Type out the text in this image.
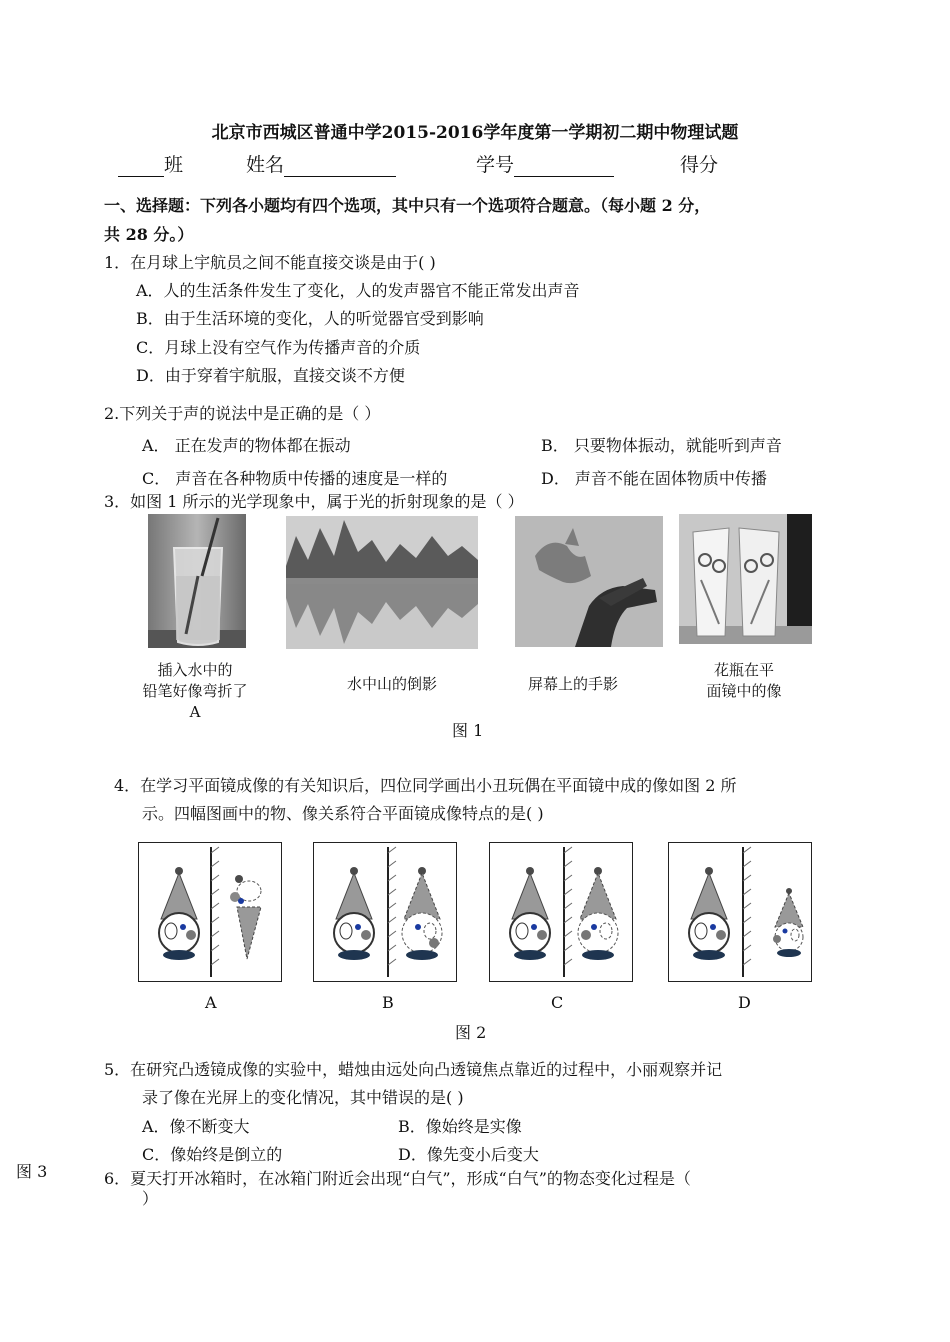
北京市西城区普通中学2015-2016学年度第一学期初二期中物理试题
班	姓名	学号	得分
一、选择题：下列各小题均有四个选项，其中只有一个选项符合题意。（每小题 2 分，
共 28 分。）
1．在月球上宇航员之间不能直接交谈是由于( )
A．人的生活条件发生了变化，人的发声器官不能正常发出声音
B．由于生活环境的变化，人的听觉器官受到影响
C．月球上没有空气作为传播声音的介质
D．由于穿着宇航服，直接交谈不方便
2.下列关于声的说法中是正确的是（ ）
A． 正在发声的物体都在振动	B． 只要物体振动，就能听到声音
C． 声音在各种物质中传播的速度是一样的	D． 声音不能在固体物质中传播
3．如图 1 所示的光学现象中，属于光的折射现象的是（ ）
插入水中的
铅笔好像弯折了
A
水中山的倒影	屏幕上的手影
花瓶在平
面镜中的像
图 1
4．在学习平面镜成像的有关知识后，四位同学画出小丑玩偶在平面镜中成的像如图 2 所
示。四幅图画中的物、像关系符合平面镜成像特点的是( )
A	B	C	D
图 2
5．在研究凸透镜成像的实验中，蜡烛由远处向凸透镜焦点靠近的过程中，小丽观察并记
录了像在光屏上的变化情况，其中错误的是( )
A．像不断变大	B．像始终是实像
C．像始终是倒立的	D．像先变小后变大
图 3	6．夏天打开冰箱时，在冰箱门附近会出现“白气”，形成“白气”的物态变化过程是（
）
